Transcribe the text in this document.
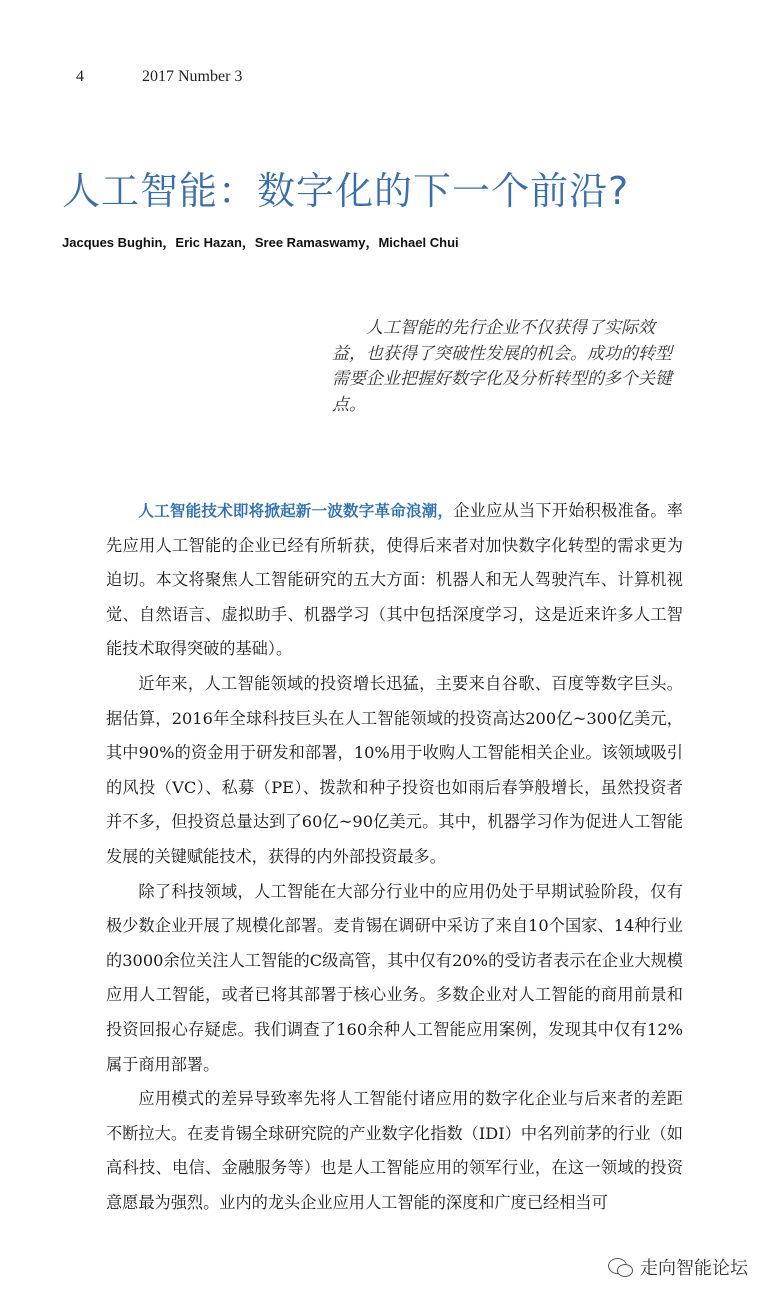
4	2017 Number 3
人工智能：数字化的下一个前沿?
Jacques Bughin，Eric Hazan，Sree Ramaswamy，Michael Chui

人工智能的先行企业不仅获得了实际效益，也获得了突破性发展的机会。成功的转型需要企业把握好数字化及分析转型的多个关键点。

人工智能技术即将掀起新一波数字革命浪潮，企业应从当下开始积极准备。率先应用人工智能的企业已经有所斩获，使得后来者对加快数字化转型的需求更为迫切。本文将聚焦人工智能研究的五大方面：机器人和无人驾驶汽车、计算机视觉、自然语言、虚拟助手、机器学习（其中包括深度学习，这是近来许多人工智能技术取得突破的基础）。

近年来，人工智能领域的投资增长迅猛，主要来自谷歌、百度等数字巨头。据估算，2016年全球科技巨头在人工智能领域的投资高达200亿~300亿美元，其中90%的资金用于研发和部署，10%用于收购人工智能相关企业。该领域吸引的风投（VC）、私募（PE）、拨款和种子投资也如雨后春笋般增长，虽然投资者并不多，但投资总量达到了60亿~90亿美元。其中，机器学习作为促进人工智能发展的关键赋能技术，获得的内外部投资最多。

除了科技领域，人工智能在大部分行业中的应用仍处于早期试验阶段，仅有极少数企业开展了规模化部署。麦肯锡在调研中采访了来自10个国家、14种行业的3000余位关注人工智能的C级高管，其中仅有20%的受访者表示在企业大规模应用人工智能，或者已将其部署于核心业务。多数企业对人工智能的商用前景和投资回报心存疑虑。我们调查了160余种人工智能应用案例，发现其中仅有12%属于商用部署。

应用模式的差异导致率先将人工智能付诸应用的数字化企业与后来者的差距不断拉大。在麦肯锡全球研究院的产业数字化指数（IDI）中名列前茅的行业（如高科技、电信、金融服务等）也是人工智能应用的领军行业，在这一领域的投资意愿最为强烈。业内的龙头企业应用人工智能的深度和广度已经相当可

走向智能论坛
